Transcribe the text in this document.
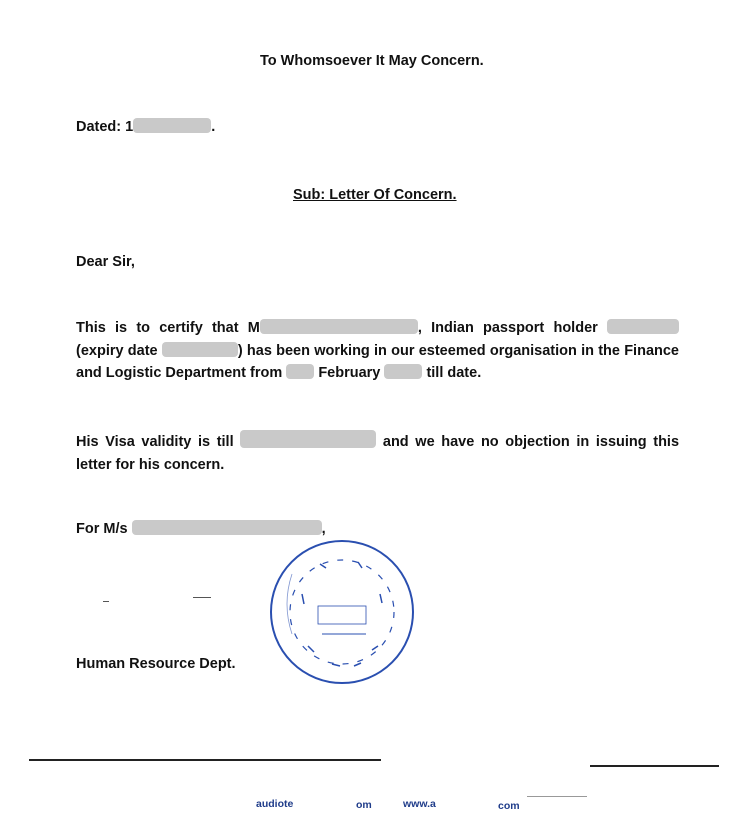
To Whomsoever It May Concern.
Dated: 1	.
Sub: Letter Of Concern.
Dear Sir,
This is to certify that M	, Indian passport holder  (expiry date	) has been working in our esteemed organisation in the Finance and Logistic Department from February	till date.
His Visa validity is till	and we have no objection in issuing this letter for his concern.
For M/s	,
Human Resource Dept.
audiote	om	www.a	com
